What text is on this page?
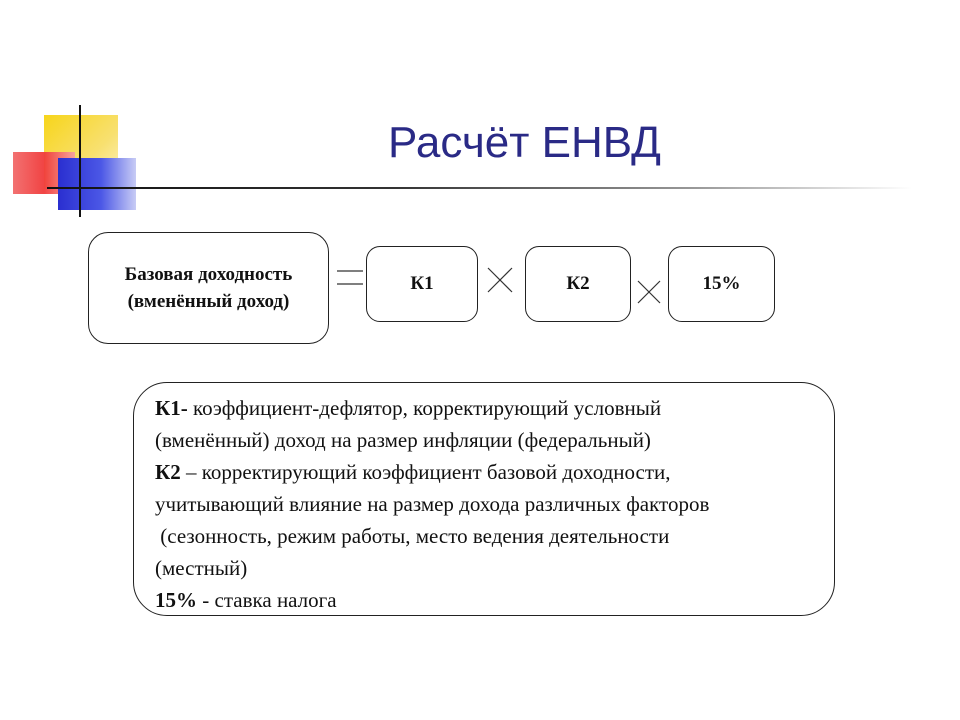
Расчёт ЕНВД
Базовая доходность
(вменённый доход)
К1	К2	15%
К1- коэффициент-дефлятор, корректирующий условный
(вменённый) доход на размер инфляции (федеральный)
К2 – корректирующий коэффициент базовой доходности,
учитывающий влияние на размер дохода различных факторов
(сезонность, режим работы, место ведения деятельности
(местный)
15% - ставка налога
